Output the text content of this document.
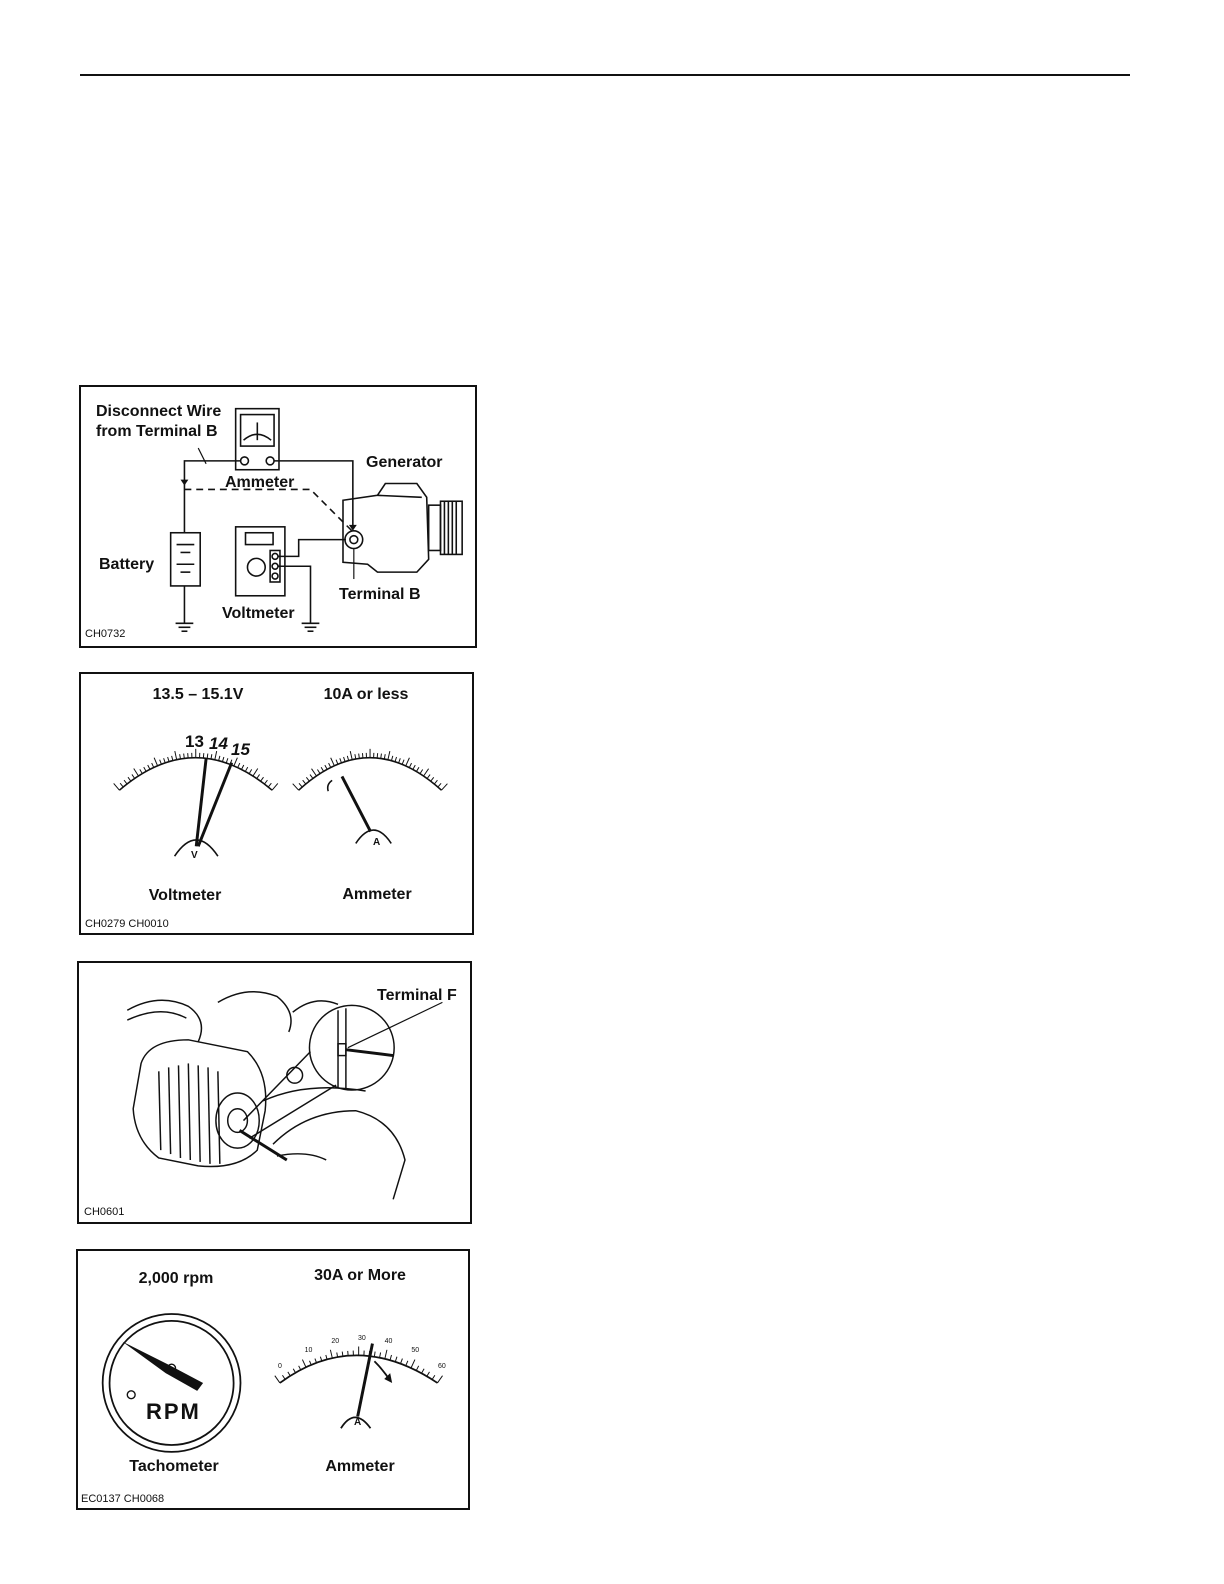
Disconnect Wire
from Terminal B
Generator
Ammeter
Battery
Terminal B
Voltmeter
CH0732
13.5 – 15.1V	10A or less
13 14 15
V
A
Voltmeter	Ammeter
CH0279 CH0010
Terminal F
CH0601
2,000 rpm	30A or More
RPM	A
Tachometer	Ammeter
0
10
20	30	40
50
60
EC0137 CH0068
